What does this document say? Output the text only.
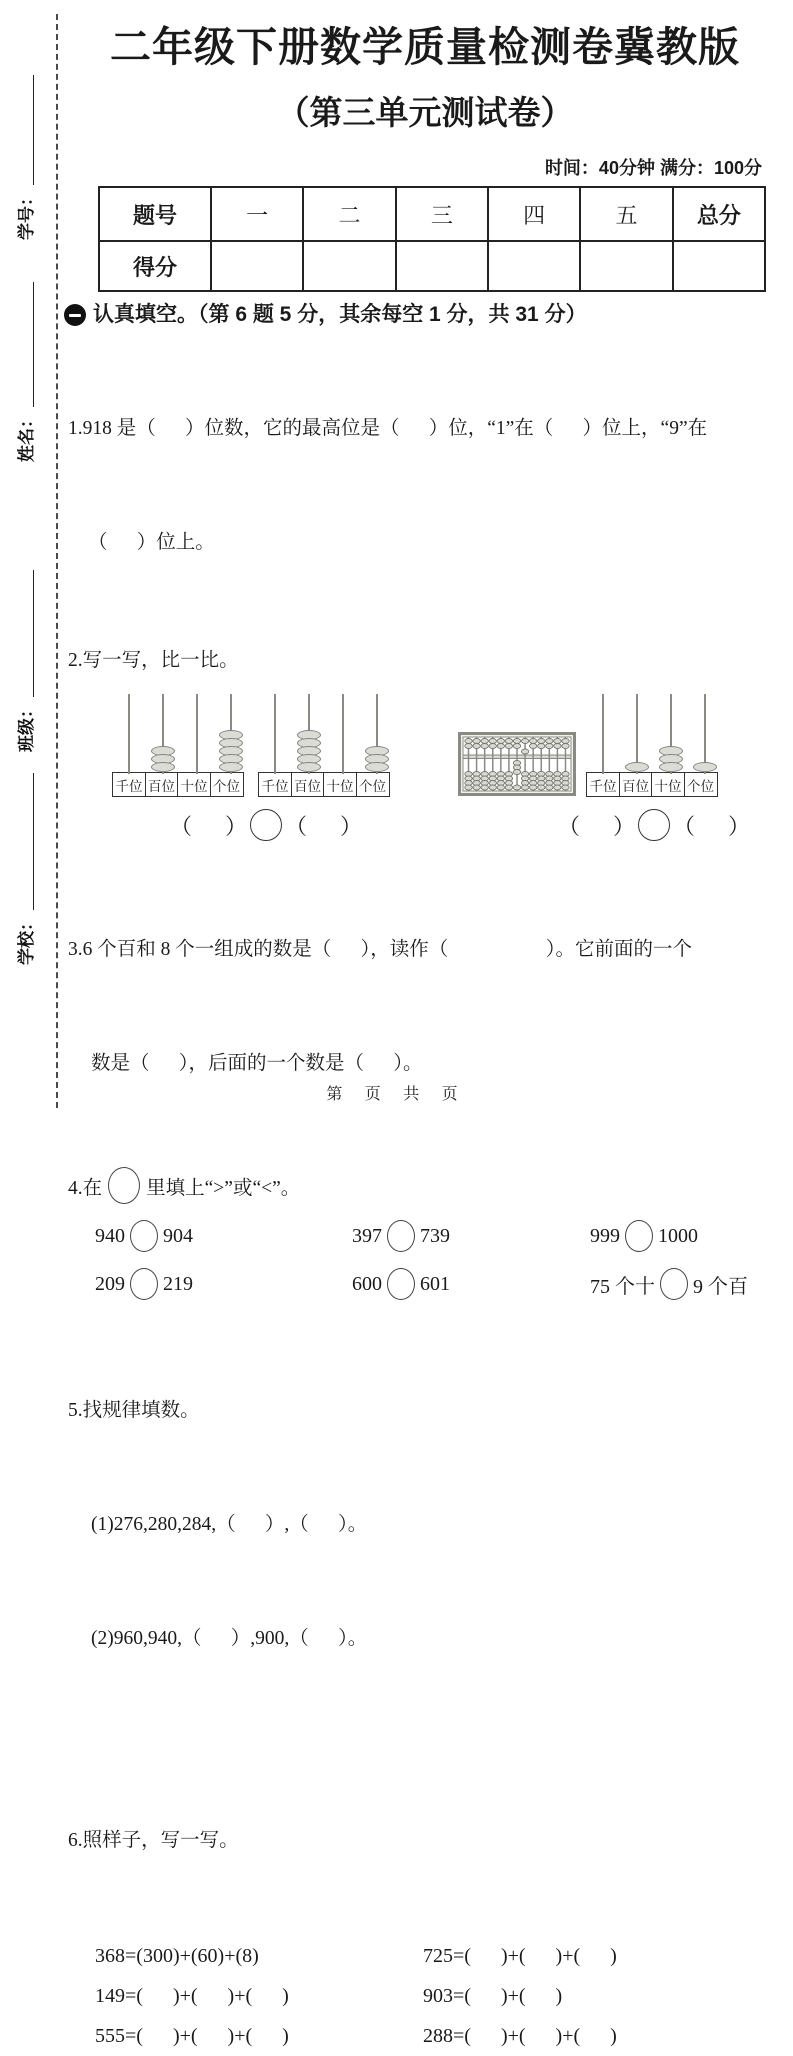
学号：
姓名：
班级：
学校：
二年级下册数学质量检测卷冀教版
（第三单元测试卷）
时间：40分钟 满分：100分
题号	一	二	三	四	五	总分
得分						
认真填空。（第 6 题 5 分，其余每空 1 分，共 31 分）

1.918 是（      ）位数，它的最高位是（      ）位，“1”在（      ）位上，“9”在

（      ）位上。

2.写一写，比一比。
千位 百位 十位 个位 千位 百位 十位 个位	千位 百位 十位 个位
（      ） （      ）	（      ） （      ）

3.6 个百和 8 个一组成的数是（      ），读作（                    ）。它前面的一个

数是（      ），后面的一个数是（      ）。

4.在 里填上“>”或“<”。
940 904	397 739	999 1000
209 219	600 601	75 个十 9 个百

5.找规律填数。

(1)276,280,284,（      ）,（      ）。

(2)960,940,（      ）,900,（      ）。

6.照样子，写一写。

368=(300)+(60)+(8)	725=(      )+(      )+(      )
149=(      )+(      )+(      )	903=(      )+(      )
555=(      )+(      )+(      )	288=(      )+(      )+(      )
第 页 共 页
